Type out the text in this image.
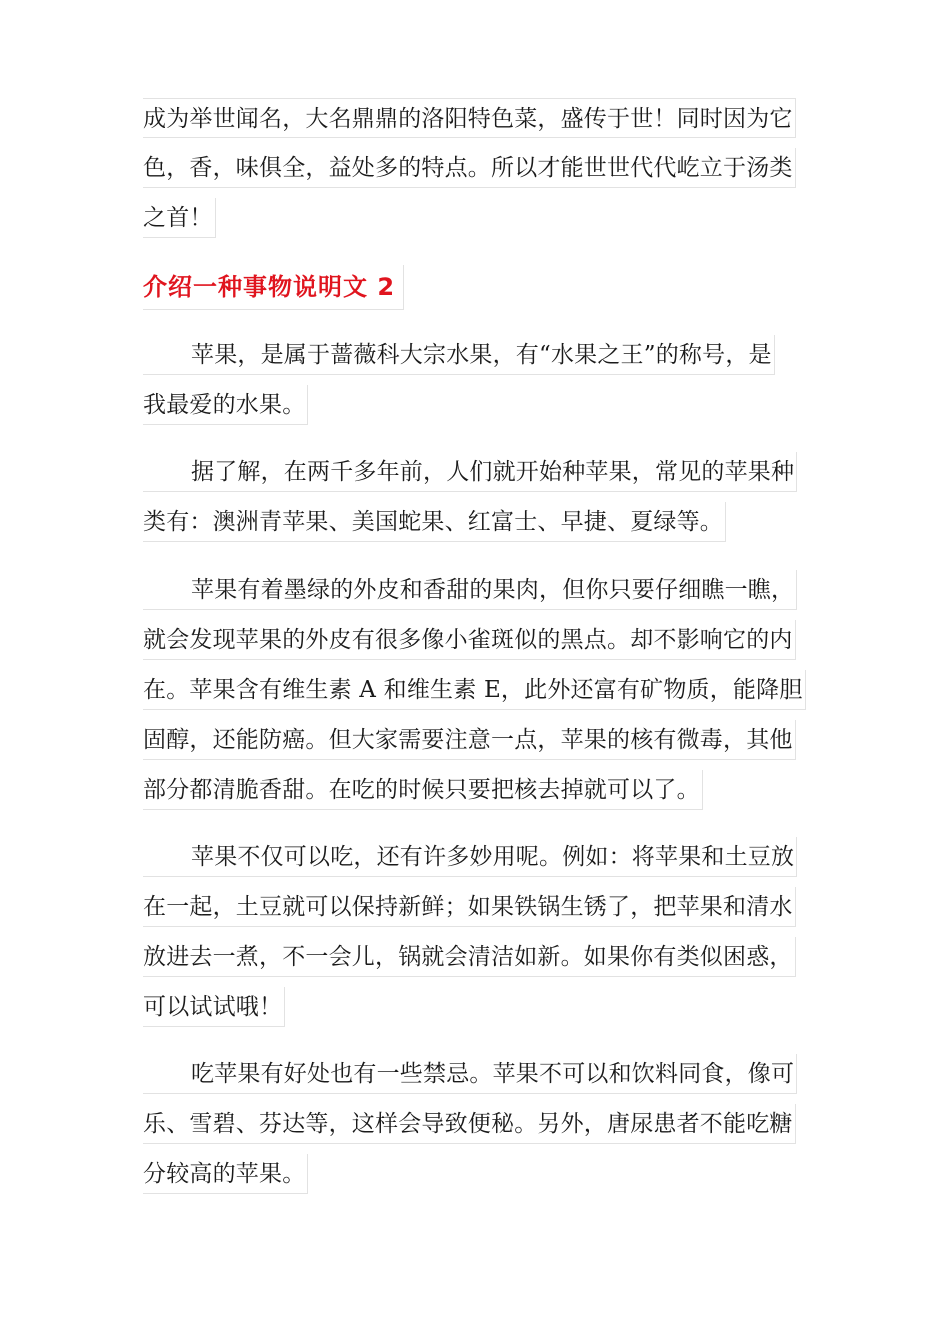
成为举世闻名，大名鼎鼎的洛阳特色菜，盛传于世！同时因为它
色，香，味俱全，益处多的特点。所以才能世世代代屹立于汤类
之首！
介绍一种事物说明文 2
苹果，是属于蔷薇科大宗水果，有“水果之王”的称号，是
我最爱的水果。
据了解，在两千多年前，人们就开始种苹果，常见的苹果种
类有：澳洲青苹果、美国蛇果、红富士、早捷、夏绿等。
苹果有着墨绿的外皮和香甜的果肉，但你只要仔细瞧一瞧，
就会发现苹果的外皮有很多像小雀斑似的黑点。却不影响它的内
在。苹果含有维生素 A 和维生素 E，此外还富有矿物质，能降胆
固醇，还能防癌。但大家需要注意一点，苹果的核有微毒，其他
部分都清脆香甜。在吃的时候只要把核去掉就可以了。
苹果不仅可以吃，还有许多妙用呢。例如：将苹果和土豆放
在一起，土豆就可以保持新鲜；如果铁锅生锈了，把苹果和清水
放进去一煮，不一会儿，锅就会清洁如新。如果你有类似困惑，
可以试试哦！
吃苹果有好处也有一些禁忌。苹果不可以和饮料同食，像可
乐、雪碧、芬达等，这样会导致便秘。另外，唐尿患者不能吃糖
分较高的苹果。
